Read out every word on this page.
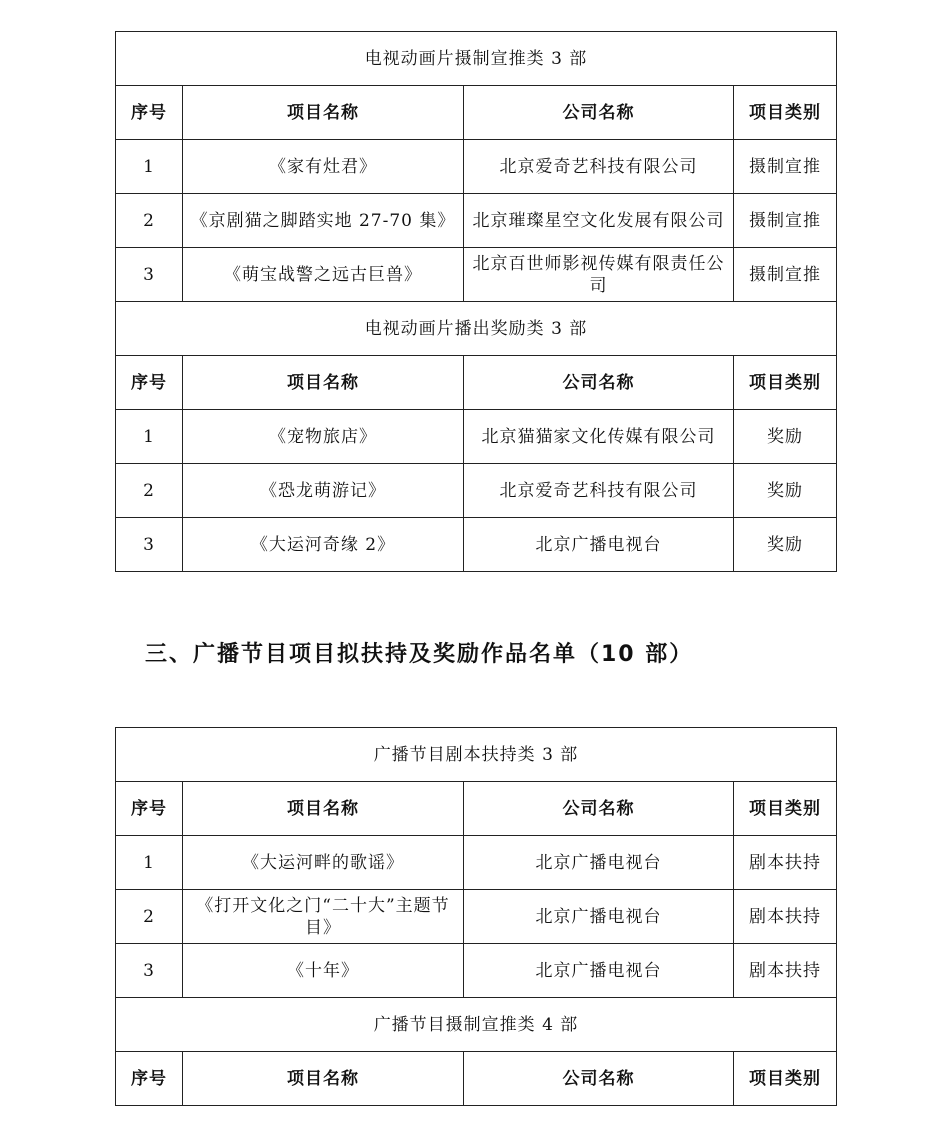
电视动画片摄制宣推类 3 部			
序号	项目名称	公司名称	项目类别
1	《家有灶君》	北京爱奇艺科技有限公司	摄制宣推
2	《京剧猫之脚踏实地 27-70 集》	北京璀璨星空文化发展有限公司	摄制宣推
3	《萌宝战警之远古巨兽》	北京百世师影视传媒有限责任公司	摄制宣推
电视动画片播出奖励类 3 部			
序号	项目名称	公司名称	项目类别
1	《宠物旅店》	北京猫猫家文化传媒有限公司	奖励
2	《恐龙萌游记》	北京爱奇艺科技有限公司	奖励
3	《大运河奇缘 2》	北京广播电视台	奖励
三、广播节目项目拟扶持及奖励作品名单（10 部）
广播节目剧本扶持类 3 部			
序号	项目名称	公司名称	项目类别
1	《大运河畔的歌谣》	北京广播电视台	剧本扶持
2	《打开文化之门“二十大”主题节目》	北京广播电视台	剧本扶持
3	《十年》	北京广播电视台	剧本扶持
广播节目摄制宣推类 4 部			
序号	项目名称	公司名称	项目类别
